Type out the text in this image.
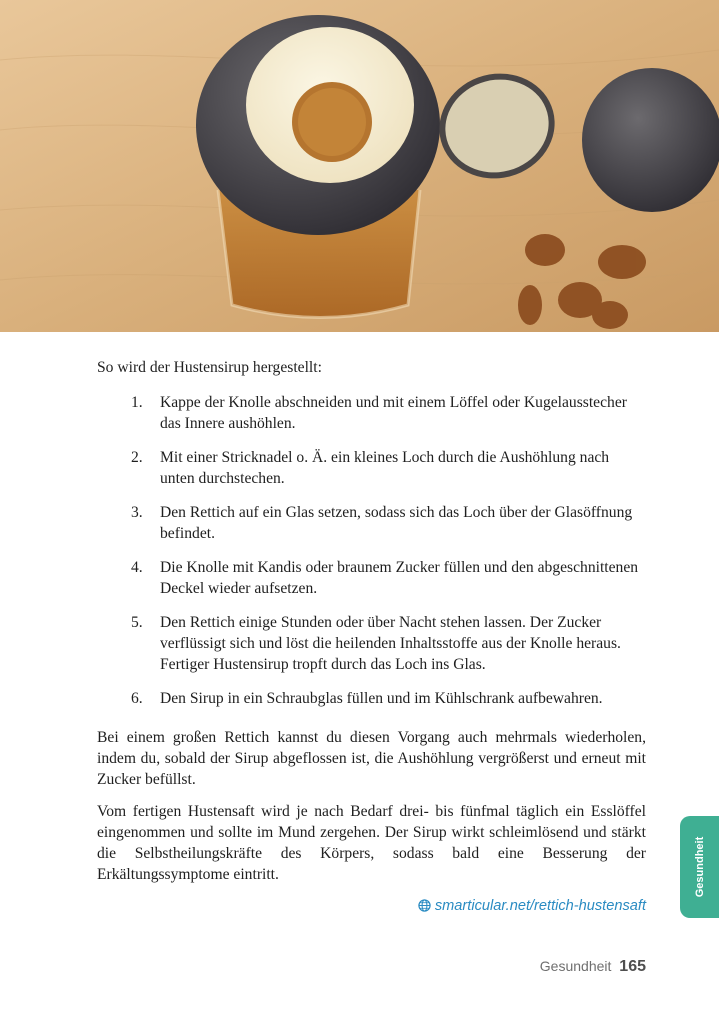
So wird der Hustensirup hergestellt:

1. Kappe der Knolle abschneiden und mit einem Löffel oder Kugelausstecher das Innere aushöhlen.
2. Mit einer Stricknadel o. Ä. ein kleines Loch durch die Aushöhlung nach unten durchstechen.
3. Den Rettich auf ein Glas setzen, sodass sich das Loch über der Glasöffnung befindet.
4. Die Knolle mit Kandis oder braunem Zucker füllen und den abgeschnittenen Deckel wieder aufsetzen.
5. Den Rettich einige Stunden oder über Nacht stehen lassen. Der Zucker verflüssigt sich und löst die heilenden Inhaltsstoffe aus der Knolle heraus. Fertiger Hustensirup tropft durch das Loch ins Glas.
6. Den Sirup in ein Schraubglas füllen und im Kühlschrank aufbewahren.

Bei einem großen Rettich kannst du diesen Vorgang auch mehrmals wiederholen, indem du, sobald der Sirup abgeflossen ist, die Aushöhlung vergrößerst und erneut mit Zucker befüllst.

Vom fertigen Hustensaft wird je nach Bedarf drei- bis fünfmal täglich ein Esslöffel eingenommen und sollte im Mund zergehen. Der Sirup wirkt schleimlösend und stärkt die Selbstheilungskräfte des Körpers, sodass bald eine Besserung der Erkältungssymptome eintritt.

smarticular.net/rettich-hustensaft
Gesundheit 165
Gesundheit
